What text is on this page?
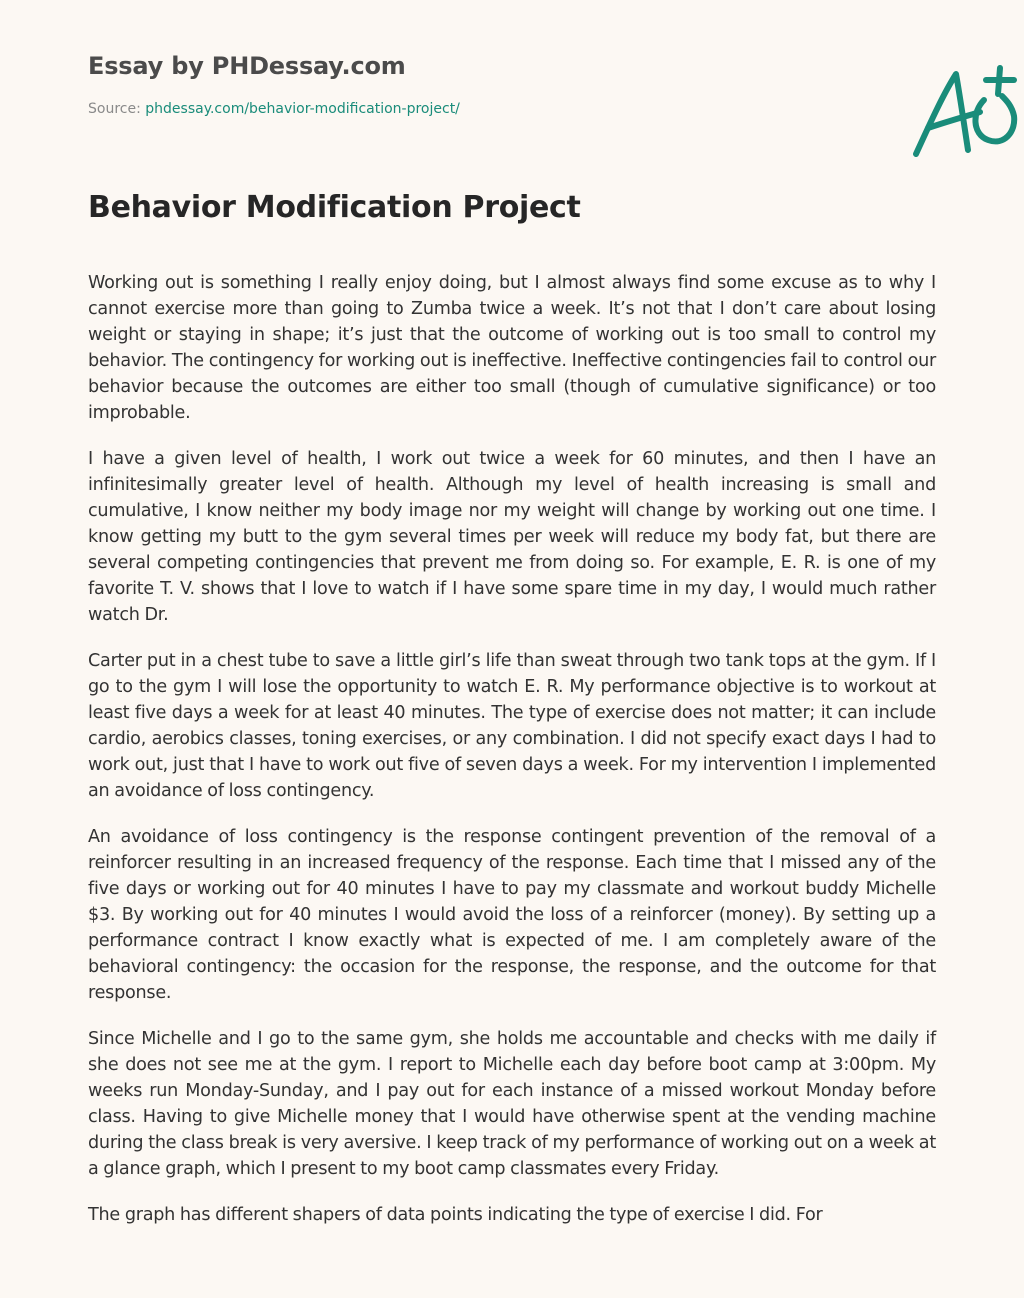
Essay by PHDessay.com
Source: phdessay.com/behavior-modification-project/
Behavior Modification Project

Working out is something I really enjoy doing, but I almost always find some excuse as to why I cannot exercise more than going to Zumba twice a week. It’s not that I don’t care about losing weight or staying in shape; it’s just that the outcome of working out is too small to control my behavior. The contingency for working out is ineffective. Ineffective contingencies fail to control our behavior because the outcomes are either too small (though of cumulative significance) or too improbable.

I have a given level of health, I work out twice a week for 60 minutes, and then I have an infinitesimally greater level of health. Although my level of health increasing is small and cumulative, I know neither my body image nor my weight will change by working out one time. I know getting my butt to the gym several times per week will reduce my body fat, but there are several competing contingencies that prevent me from doing so. For example, E. R. is one of my favorite T. V. shows that I love to watch if I have some spare time in my day, I would much rather watch Dr.

Carter put in a chest tube to save a little girl’s life than sweat through two tank tops at the gym. If I go to the gym I will lose the opportunity to watch E. R. My performance objective is to workout at least five days a week for at least 40 minutes. The type of exercise does not matter; it can include cardio, aerobics classes, toning exercises, or any combination. I did not specify exact days I had to work out, just that I have to work out five of seven days a week. For my intervention I implemented an avoidance of loss contingency.

An avoidance of loss contingency is the response contingent prevention of the removal of a reinforcer resulting in an increased frequency of the response. Each time that I missed any of the five days or working out for 40 minutes I have to pay my classmate and workout buddy Michelle $3. By working out for 40 minutes I would avoid the loss of a reinforcer (money). By setting up a performance contract I know exactly what is expected of me. I am completely aware of the behavioral contingency: the occasion for the response, the response, and the outcome for that response.

Since Michelle and I go to the same gym, she holds me accountable and checks with me daily if she does not see me at the gym. I report to Michelle each day before boot camp at 3:00pm. My weeks run Monday-Sunday, and I pay out for each instance of a missed workout Monday before class. Having to give Michelle money that I would have otherwise spent at the vending machine during the class break is very aversive. I keep track of my performance of working out on a week at a glance graph, which I present to my boot camp classmates every Friday.

The graph has different shapers of data points indicating the type of exercise I did. For
